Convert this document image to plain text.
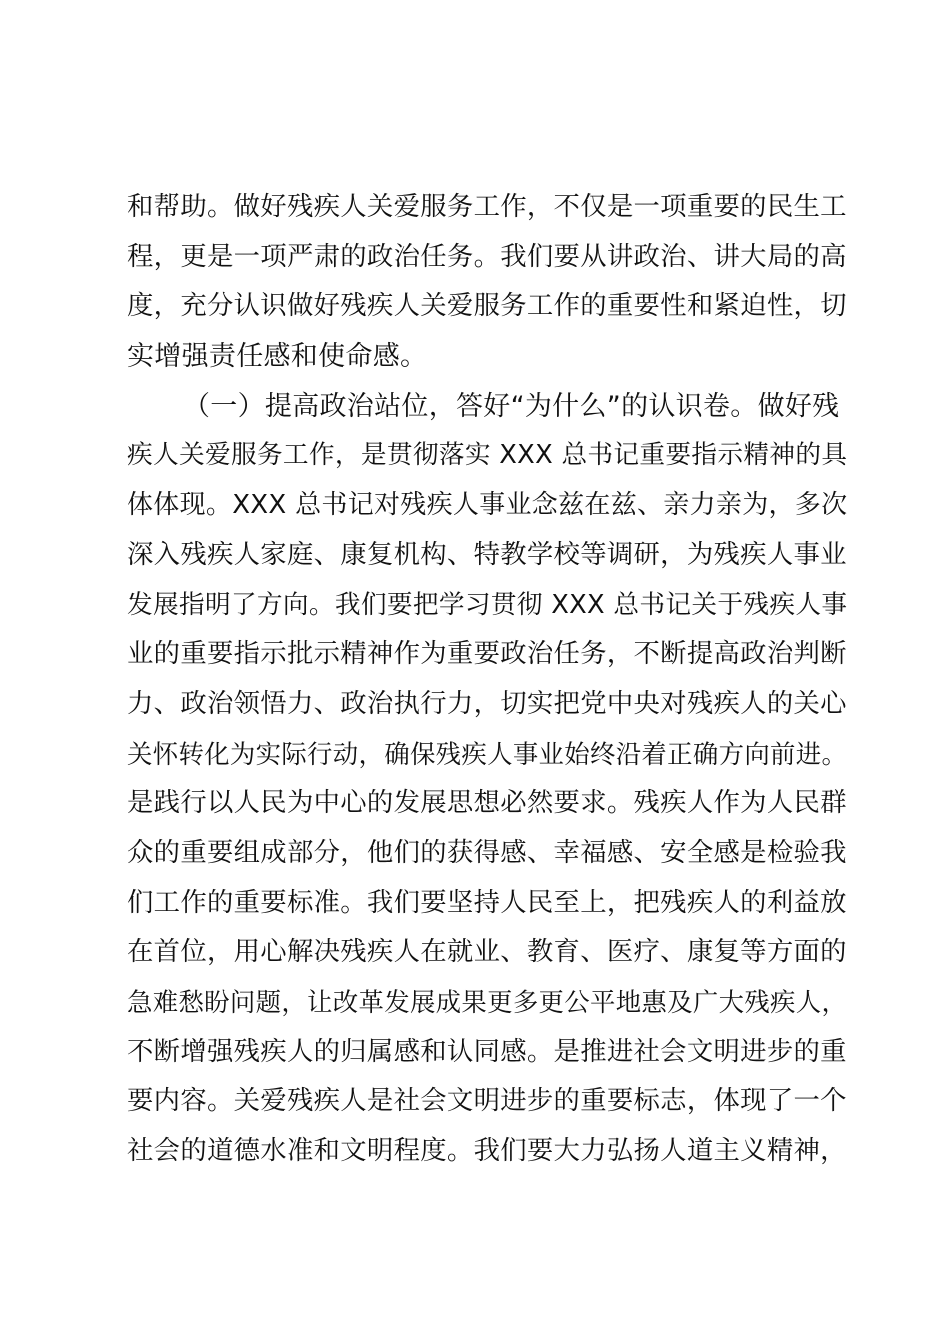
和帮助。做好残疾人关爱服务工作，不仅是一项重要的民生工
程，更是一项严肃的政治任务。我们要从讲政治、讲大局的高
度，充分认识做好残疾人关爱服务工作的重要性和紧迫性，切
实增强责任感和使命感。
（一）提高政治站位，答好“为什么”的认识卷。做好残
疾人关爱服务工作，是贯彻落实 XXX 总书记重要指示精神的具
体体现。XXX 总书记对残疾人事业念兹在兹、亲力亲为，多次
深入残疾人家庭、康复机构、特教学校等调研，为残疾人事业
发展指明了方向。我们要把学习贯彻 XXX 总书记关于残疾人事
业的重要指示批示精神作为重要政治任务，不断提高政治判断
力、政治领悟力、政治执行力，切实把党中央对残疾人的关心
关怀转化为实际行动，确保残疾人事业始终沿着正确方向前进。
是践行以人民为中心的发展思想必然要求。残疾人作为人民群
众的重要组成部分，他们的获得感、幸福感、安全感是检验我
们工作的重要标准。我们要坚持人民至上，把残疾人的利益放
在首位，用心解决残疾人在就业、教育、医疗、康复等方面的
急难愁盼问题，让改革发展成果更多更公平地惠及广大残疾人，
不断增强残疾人的归属感和认同感。是推进社会文明进步的重
要内容。关爱残疾人是社会文明进步的重要标志，体现了一个
社会的道德水准和文明程度。我们要大力弘扬人道主义精神，
